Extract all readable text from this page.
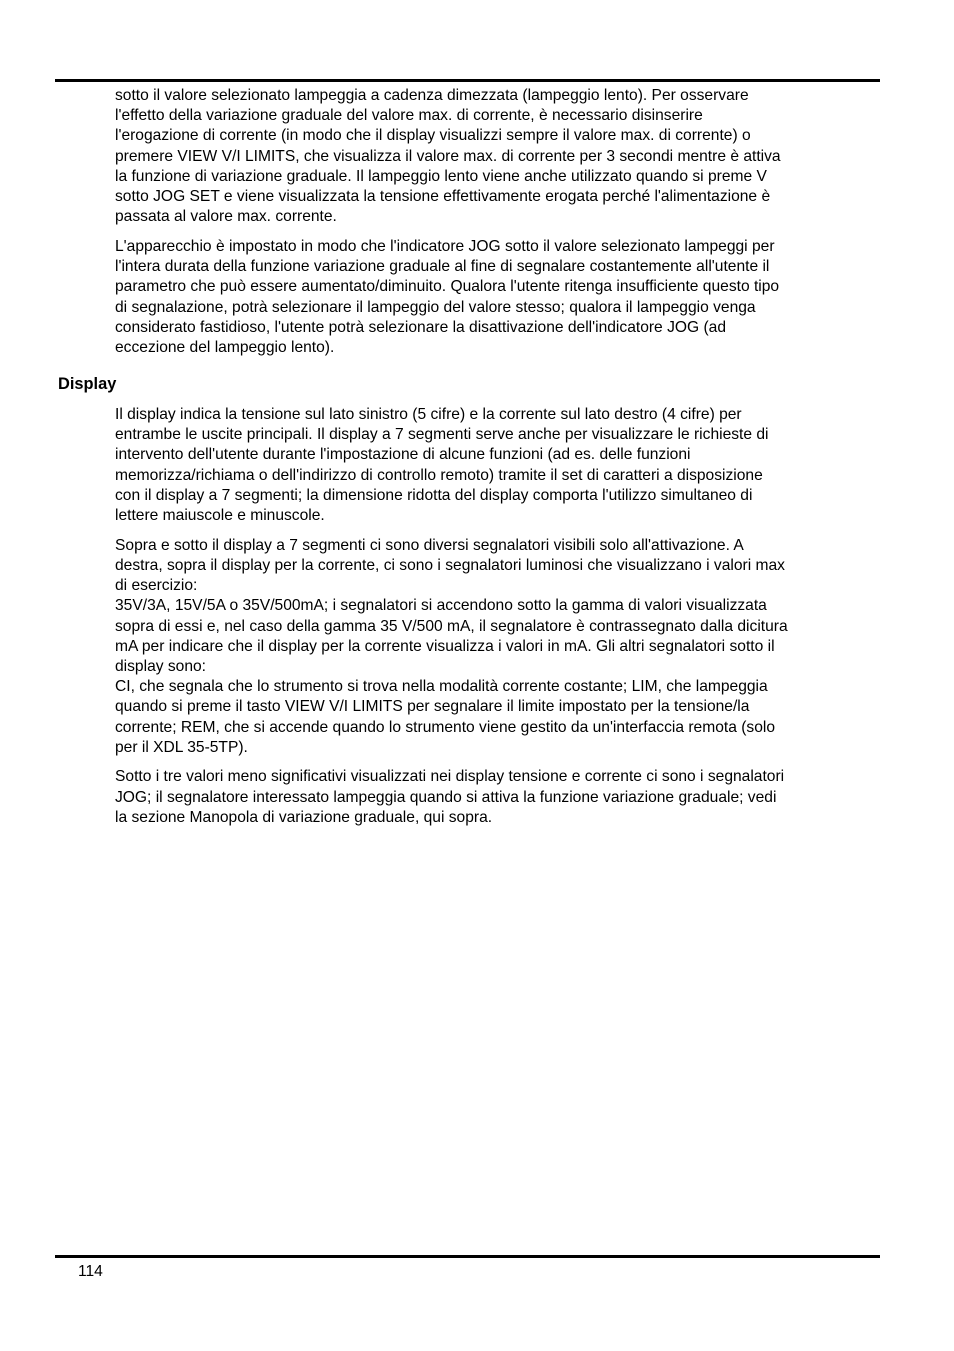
sotto il valore selezionato lampeggia a cadenza dimezzata (lampeggio lento). Per osservare
l'effetto della variazione graduale del valore max. di corrente, è necessario disinserire
l'erogazione di corrente (in modo che il display visualizzi sempre il valore max. di corrente) o
premere VIEW V/I LIMITS, che visualizza il valore max. di corrente per 3 secondi mentre è attiva
la funzione di variazione graduale. Il lampeggio lento viene anche utilizzato quando si preme V
sotto JOG SET e viene visualizzata la tensione effettivamente erogata perché l'alimentazione è
passata al valore max. corrente.

L'apparecchio è impostato in modo che l'indicatore JOG sotto il valore selezionato lampeggi per
l'intera durata della funzione variazione graduale al fine di segnalare costantemente all'utente il
parametro che può essere aumentato/diminuito. Qualora l'utente ritenga insufficiente questo tipo
di segnalazione, potrà selezionare il lampeggio del valore stesso; qualora il lampeggio venga
considerato fastidioso, l'utente potrà selezionare la disattivazione dell'indicatore JOG (ad
eccezione del lampeggio lento).

Display

Il display indica la tensione sul lato sinistro (5 cifre) e la corrente sul lato destro (4 cifre) per
entrambe le uscite principali. Il display a 7 segmenti serve anche per visualizzare le richieste di
intervento dell'utente durante l'impostazione di alcune funzioni (ad es. delle funzioni
memorizza/richiama o dell'indirizzo di controllo remoto) tramite il set di caratteri a disposizione
con il display a 7 segmenti; la dimensione ridotta del display comporta l'utilizzo simultaneo di
lettere maiuscole e minuscole.

Sopra e sotto il display a 7 segmenti ci sono diversi segnalatori visibili solo all'attivazione. A
destra, sopra il display per la corrente, ci sono i segnalatori luminosi che visualizzano i valori max
di esercizio:
35V/3A, 15V/5A o 35V/500mA; i segnalatori si accendono sotto la gamma di valori visualizzata
sopra di essi e, nel caso della gamma 35 V/500 mA, il segnalatore è contrassegnato dalla dicitura
mA per indicare che il display per la corrente visualizza i valori in mA. Gli altri segnalatori sotto il
display sono:
CI, che segnala che lo strumento si trova nella modalità corrente costante; LIM, che lampeggia
quando si preme il tasto VIEW V/I LIMITS per segnalare il limite impostato per la tensione/la
corrente; REM, che si accende quando lo strumento viene gestito da un'interfaccia remota (solo
per il XDL 35-5TP).

Sotto i tre valori meno significativi visualizzati nei display tensione e corrente ci sono i segnalatori
JOG; il segnalatore interessato lampeggia quando si attiva la funzione variazione graduale; vedi
la sezione Manopola di variazione graduale, qui sopra.

114
